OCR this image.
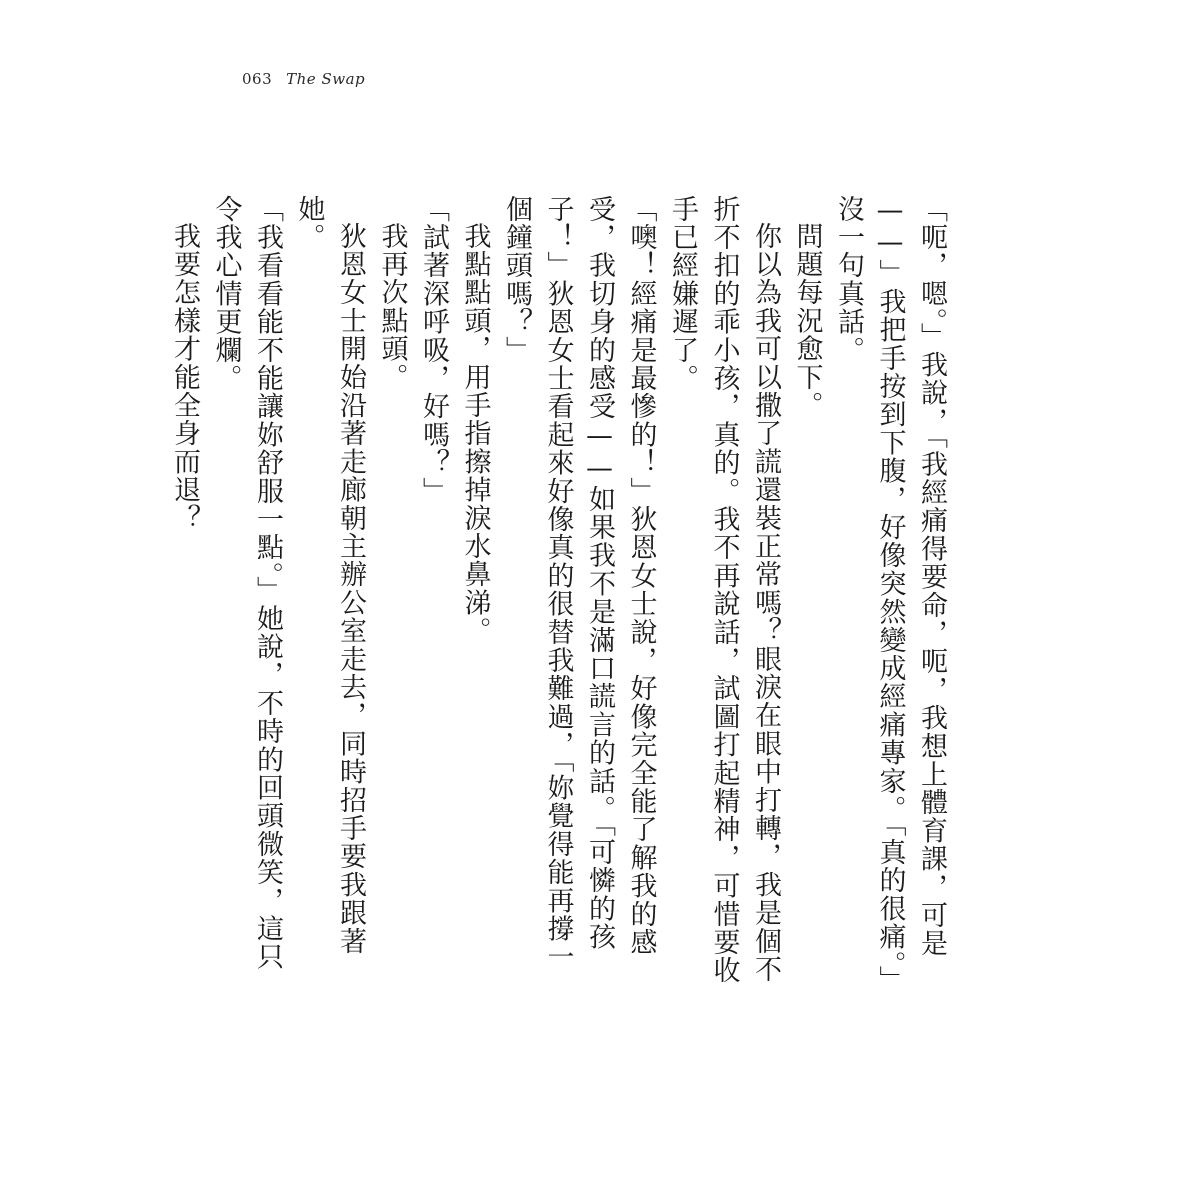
063 The Swap

「呃，嗯。」我說，「我經痛得要命，呃，我想上體育課，可是——」我把手按到下腹，好像突然變成經痛專家。「真的很痛。」沒一句真話。

問題每況愈下。

你以為我可以撒了謊還裝正常嗎？眼淚在眼中打轉，我是個不折不扣的乖小孩，真的。我不再說話，試圖打起精神，可惜要收手已經嫌遲了。

「噢！經痛是最慘的！」狄恩女士說，好像完全能了解我的感受，我切身的感受——如果我不是滿口謊言的話。「可憐的孩子！」狄恩女士看起來好像真的很替我難過，「妳覺得能再撐一個鐘頭嗎？」

我點點頭，用手指擦掉淚水鼻涕。

「試著深呼吸，好嗎？」

我再次點頭。

狄恩女士開始沿著走廊朝主辦公室走去，同時招手要我跟著她。

「我看看能不能讓妳舒服一點。」她說，不時的回頭微笑，這只令我心情更爛。

我要怎樣才能全身而退？
